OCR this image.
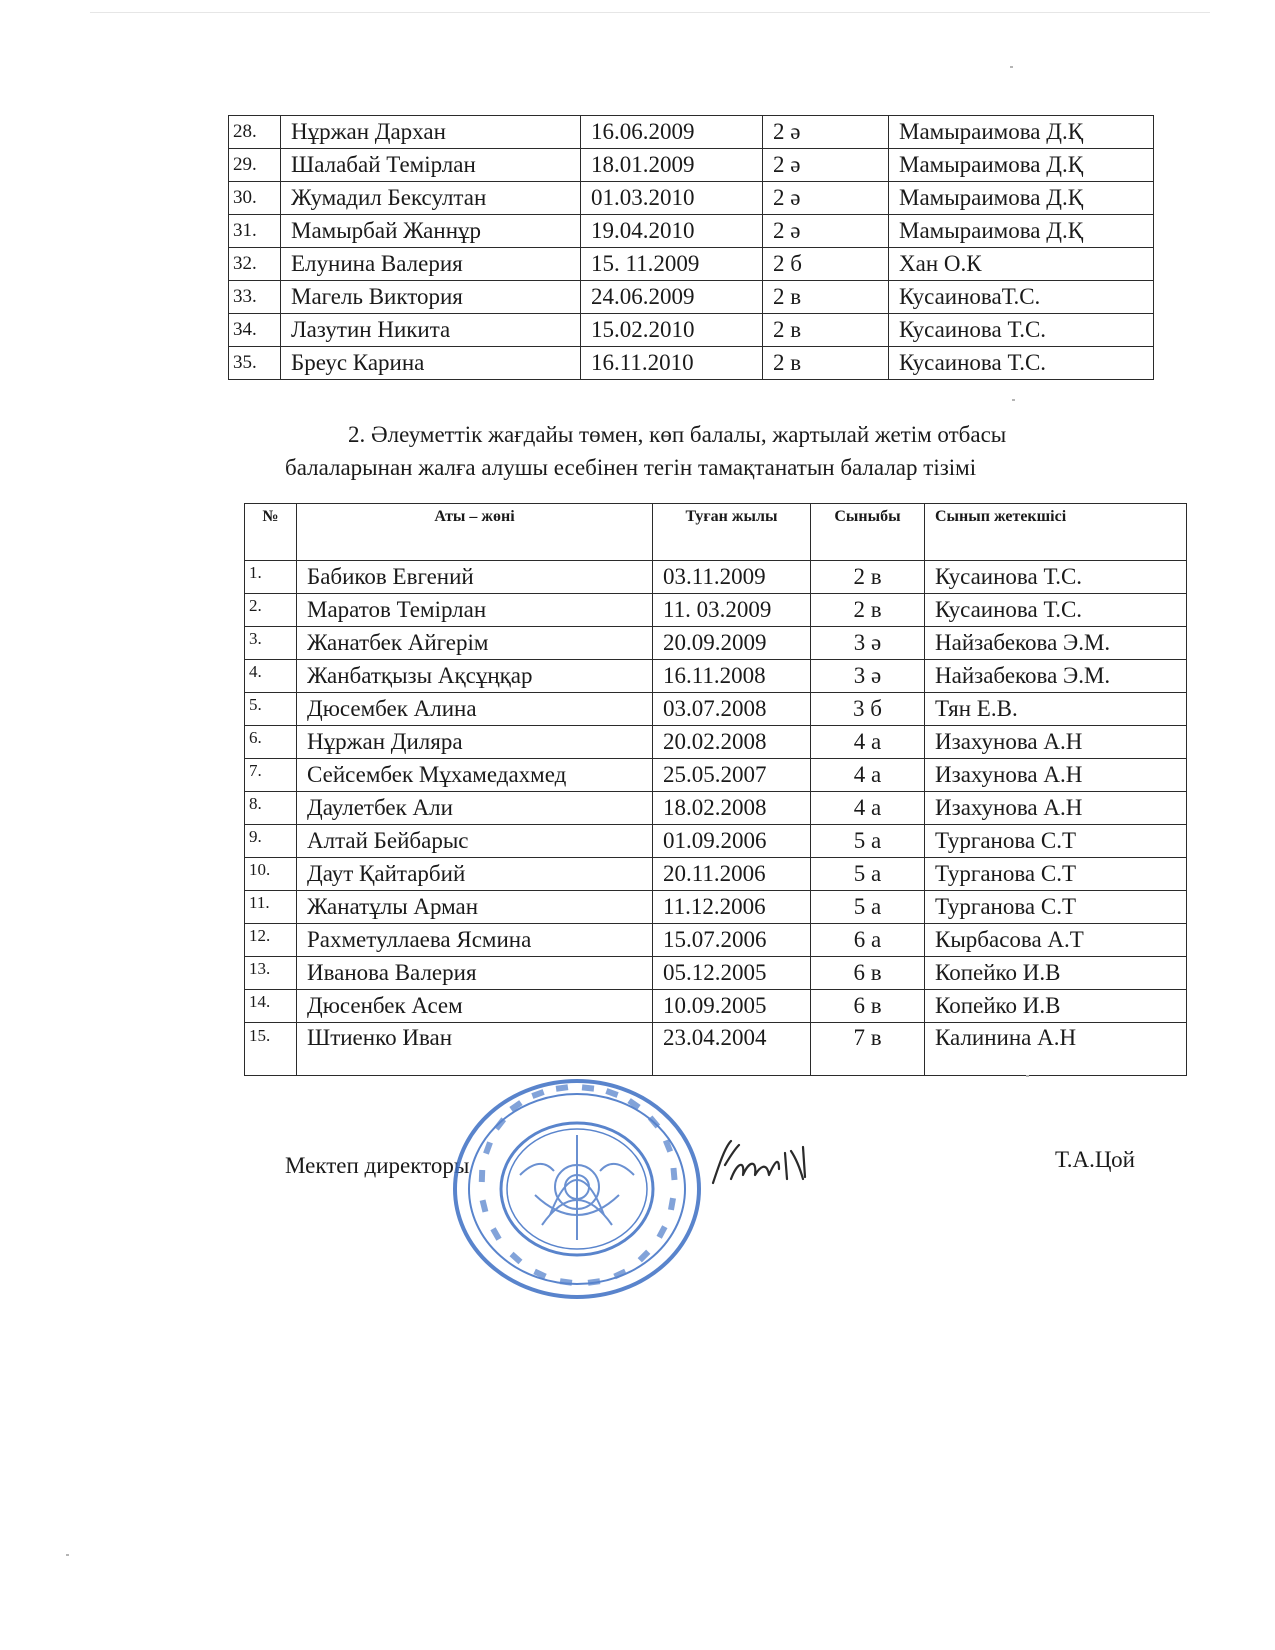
28.	Нұржан Дархан	16.06.2009	2 ә	Мамыраимова Д.Қ
29.	Шалабай Темірлан	18.01.2009	2 ә	Мамыраимова Д.Қ
30.	Жумадил Бексултан	01.03.2010	2 ә	Мамыраимова Д.Қ
31.	Мамырбай Жаннұр	19.04.2010	2 ә	Мамыраимова Д.Қ
32.	Елунина Валерия	15. 11.2009	2 б	Хан О.К
33.	Магель Виктория	24.06.2009	2 в	КусаиноваТ.С.
34.	Лазутин Никита	15.02.2010	2 в	Кусаинова Т.С.
35.	Бреус Карина	16.11.2010	2 в	Кусаинова Т.С.
2. Әлеуметтік жағдайы төмен, көп балалы, жартылай жетім отбасы
балаларынан жалға алушы есебінен тегін тамақтанатын балалар тізімі
№	Аты – жөні	Туған жылы	Сыныбы	Сынып жетекшісі
1.	Бабиков Евгений	03.11.2009	2 в	Кусаинова Т.С.
2.	Маратов Темірлан	11. 03.2009	2 в	Кусаинова Т.С.
3.	Жанатбек Айгерім	20.09.2009	3 ә	Найзабекова Э.М.
4.	Жанбатқызы Ақсұңқар	16.11.2008	3 ә	Найзабекова Э.М.
5.	Дюсембек Алина	03.07.2008	3 б	Тян Е.В.
6.	Нұржан Диляра	20.02.2008	4 а	Изахунова А.Н
7.	Сейсембек Мұхамедахмед	25.05.2007	4 а	Изахунова А.Н
8.	Даулетбек Али	18.02.2008	4 а	Изахунова А.Н
9.	Алтай Бейбарыс	01.09.2006	5 а	Турганова С.Т
10.	Даут Қайтарбий	20.11.2006	5 а	Турганова С.Т
11.	Жанатұлы Арман	11.12.2006	5 а	Турганова С.Т
12.	Рахметуллаева Ясмина	15.07.2006	6 а	Кырбасова А.Т
13.	Иванова Валерия	05.12.2005	6 в	Копейко И.В
14.	Дюсенбек Асем	10.09.2005	6 в	Копейко И.В
15.	Штиенко Иван	23.04.2004	7 в	Калинина А.Н
Мектеп директоры	Т.А.Цой
